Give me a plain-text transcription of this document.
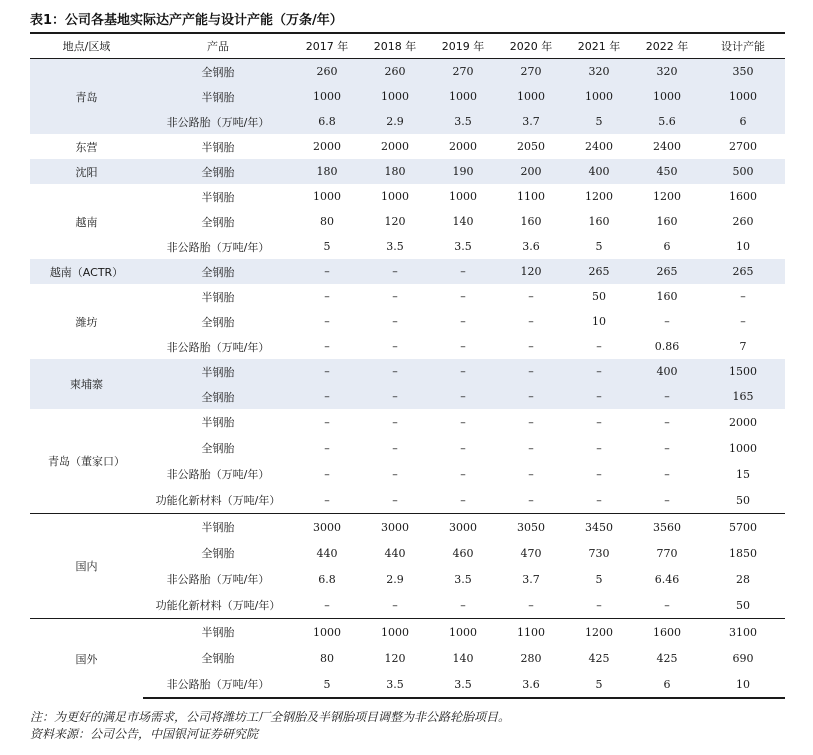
表1：公司各基地实际达产产能与设计产能（万条/年）
地点/区域	产品	2017 年	2018 年	2019 年	2020 年	2021 年	2022 年	设计产能
青岛	全钢胎	260	260	270	270	320	320	350
	半钢胎	1000	1000	1000	1000	1000	1000	1000
	非公路胎（万吨/年）	6.8	2.9	3.5	3.7	5	5.6	6
东营	半钢胎	2000	2000	2000	2050	2400	2400	2700
沈阳	全钢胎	180	180	190	200	400	450	500
越南	半钢胎	1000	1000	1000	1100	1200	1200	1600
	全钢胎	80	120	140	160	160	160	260
	非公路胎（万吨/年）	5	3.5	3.5	3.6	5	6	10
越南（ACTR）	全钢胎	–	–	–	120	265	265	265
潍坊	半钢胎	–	–	–	–	50	160	–
	全钢胎	–	–	–	–	10	–	–
	非公路胎（万吨/年）	–	–	–	–	–	0.86	7
柬埔寨	半钢胎	–	–	–	–	–	400	1500
	全钢胎	–	–	–	–	–	–	165
青岛（董家口）	半钢胎	–	–	–	–	–	–	2000
	全钢胎	–	–	–	–	–	–	1000
	非公路胎（万吨/年）	–	–	–	–	–	–	15
	功能化新材料（万吨/年）	–	–	–	–	–	–	50
国内	半钢胎	3000	3000	3000	3050	3450	3560	5700
	全钢胎	440	440	460	470	730	770	1850
	非公路胎（万吨/年）	6.8	2.9	3.5	3.7	5	6.46	28
	功能化新材料（万吨/年）	–	–	–	–	–	–	50
国外	半钢胎	1000	1000	1000	1100	1200	1600	3100
	全钢胎	80	120	140	280	425	425	690
	非公路胎（万吨/年）	5	3.5	3.5	3.6	5	6	10
注：为更好的满足市场需求，公司将潍坊工厂全钢胎及半钢胎项目调整为非公路轮胎项目。
资料来源：公司公告，中国银河证券研究院
